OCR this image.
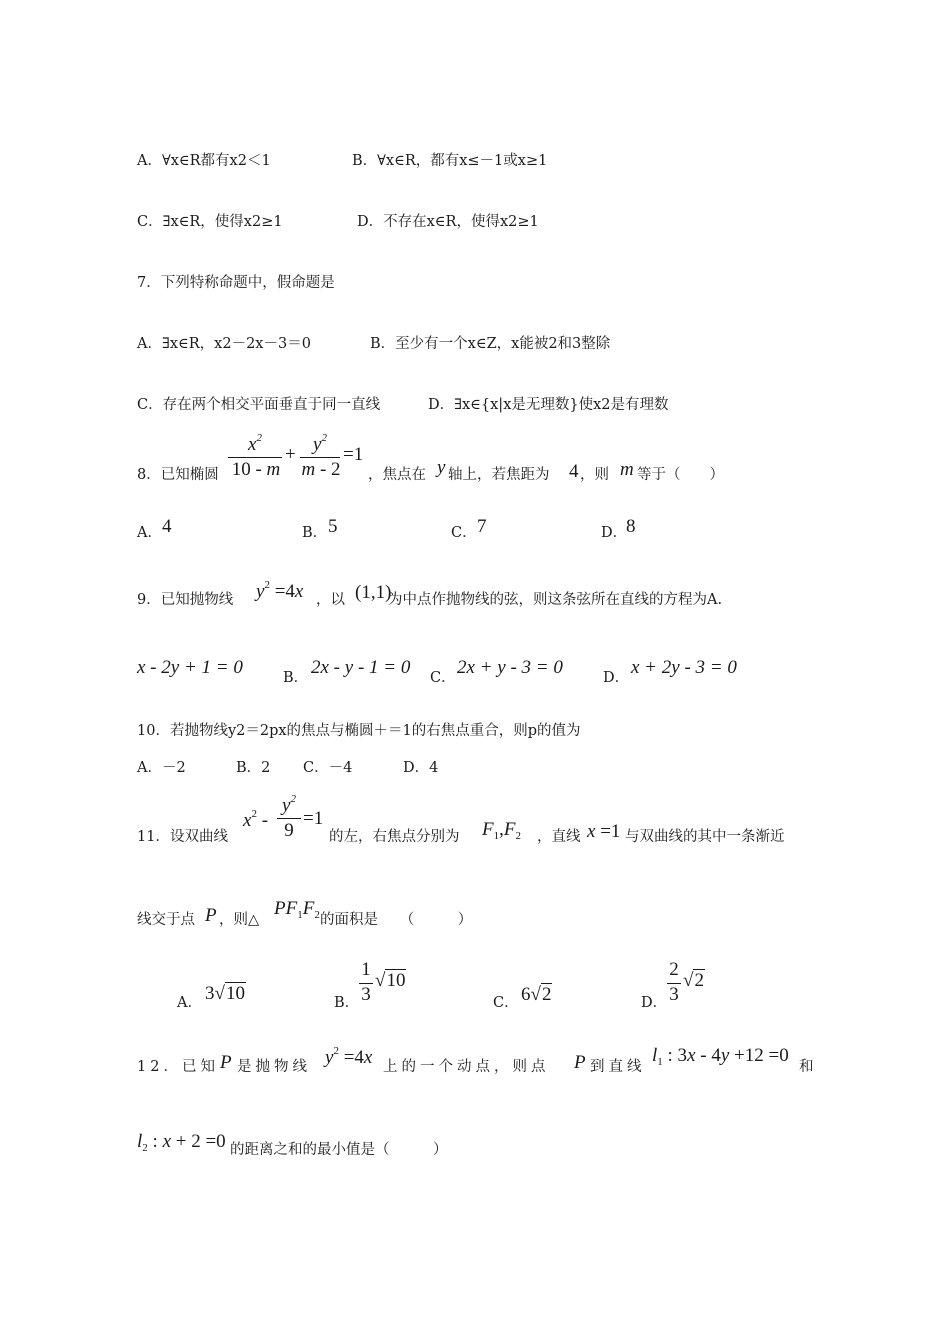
A．∀x∈R都有x2＜1	B．∀x∈R，都有x≤－1或x≥1
C．∃x∈R，使得x2≥1	D．不存在x∈R，使得x2≥1
7．下列特称命题中，假命题是
A．∃x∈R，x2－2x－3＝0	B．至少有一个x∈Z，x能被2和3整除
C．存在两个相交平面垂直于同一直线	D．∃x∈{x|x是无理数}使x2是有理数
8．已知椭圆
$x^2$
10 - m
+ $y^2$
m - 2
=1
，焦点在 y 轴上，若焦距为 4 ，则 m 等于（　　）
A． 4	B． 5	C． 7	D．
8
9．已知抛物线 $y^2 =4x$ ，以 (1,1)
为中点作抛物线的弦，则这条弦所在直线的方程为A.
x - 2y + 1 = 0	B． 2x - y - 1 = 0 C． 2x + y - 3 = 0	D． x + 2y - 3 = 0
10．若抛物线y2＝2px的焦点与椭圆＋＝1的右焦点重合，则p的值为
A．－2	B．2 C．－4	D．4
11．设双曲线
$x^2$ -
$y^2$
9
=1
的左，右焦点分别为 $F_1,F_2$ ，直线 x =1 与双曲线的其中一条渐近
线交于点 P ，则△
$PF_1F_2$ 的面积是　　（　　　）
A． 3√10	B．
1
3
√10
C． 6√2	D．
2
3
√2
12．已知 P 是抛物线 $y^2 =4x$ 上的一个动点，则点 P 到直线
$l_1$ : 3x - 4y +12 =0
和
$l_2$ : x + 2 =0 的距离之和的最小值是（　　　）
